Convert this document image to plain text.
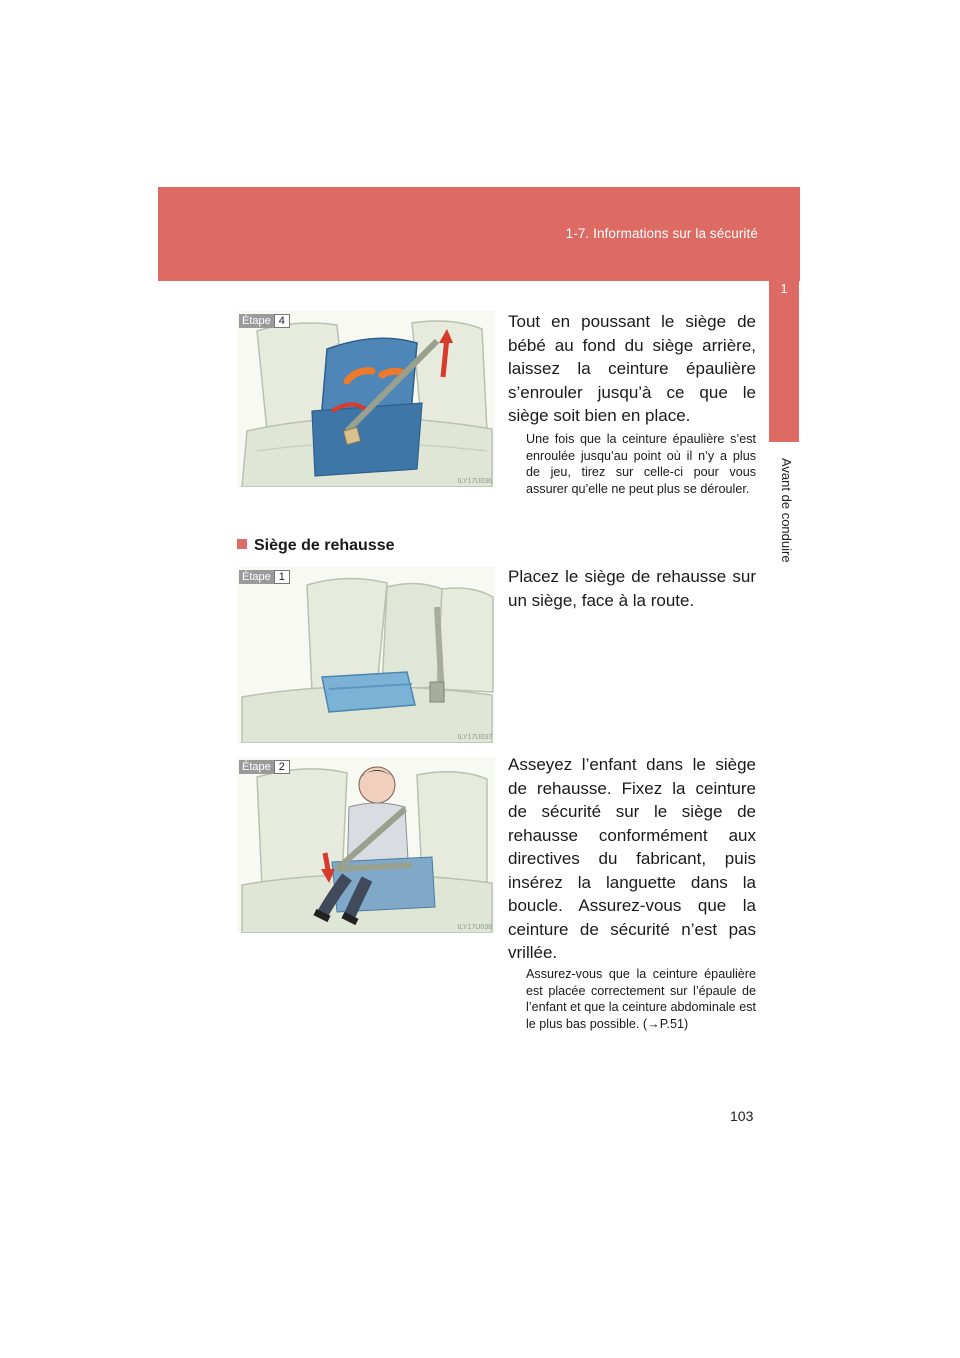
1-7. Informations sur la sécurité
1
Avant de conduire
Étape 4
ILY17U036
Tout en poussant le siège de bébé au fond du siège arrière, laissez la ceinture épaulière s’enrouler jusqu’à ce que le siège soit bien en place.
Une fois que la ceinture épaulière s’est enroulée jusqu’au point où il n’y a plus de jeu, tirez sur celle-ci pour vous assurer qu’elle ne peut plus se dérouler.
Siège de rehausse
Étape 1
ILY17U037
Placez le siège de rehausse sur un siège, face à la route.
Étape 2
ILY17U038
Asseyez l’enfant dans le siège de rehausse. Fixez la ceinture de sécurité sur le siège de rehausse conformément aux directives du fabricant, puis insérez la languette dans la boucle. Assurez-vous que la ceinture de sécurité n’est pas vrillée.
Assurez-vous que la ceinture épaulière est placée correctement sur l’épaule de l’enfant et que la ceinture abdominale est le plus bas possible. (→P.51)
103
